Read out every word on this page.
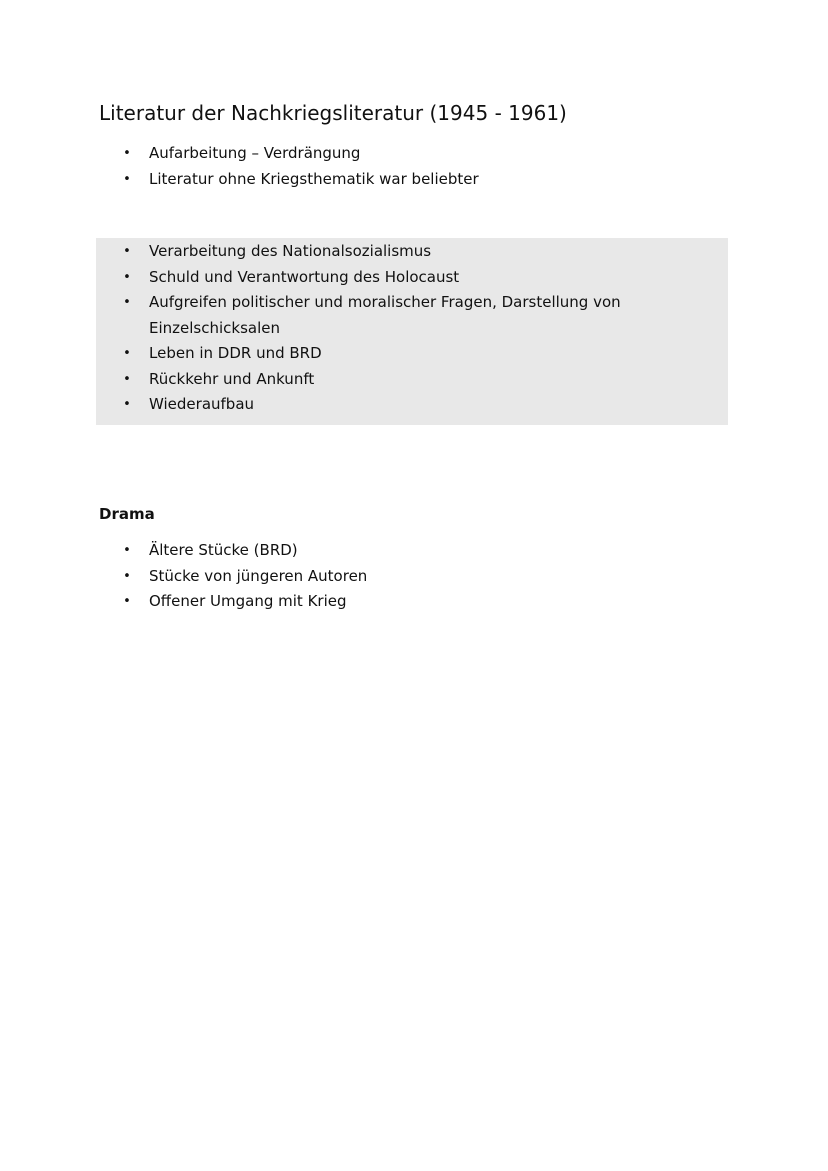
Literatur der Nachkriegsliteratur (1945 - 1961)
• Aufarbeitung – Verdrängung
• Literatur ohne Kriegsthematik war beliebter
• Verarbeitung des Nationalsozialismus
• Schuld und Verantwortung des Holocaust
• Aufgreifen politischer und moralischer Fragen, Darstellung von
Einzelschicksalen
• Leben in DDR und BRD
• Rückkehr und Ankunft
• Wiederaufbau
Drama
• Ältere Stücke (BRD)
• Stücke von jüngeren Autoren
• Offener Umgang mit Krieg
